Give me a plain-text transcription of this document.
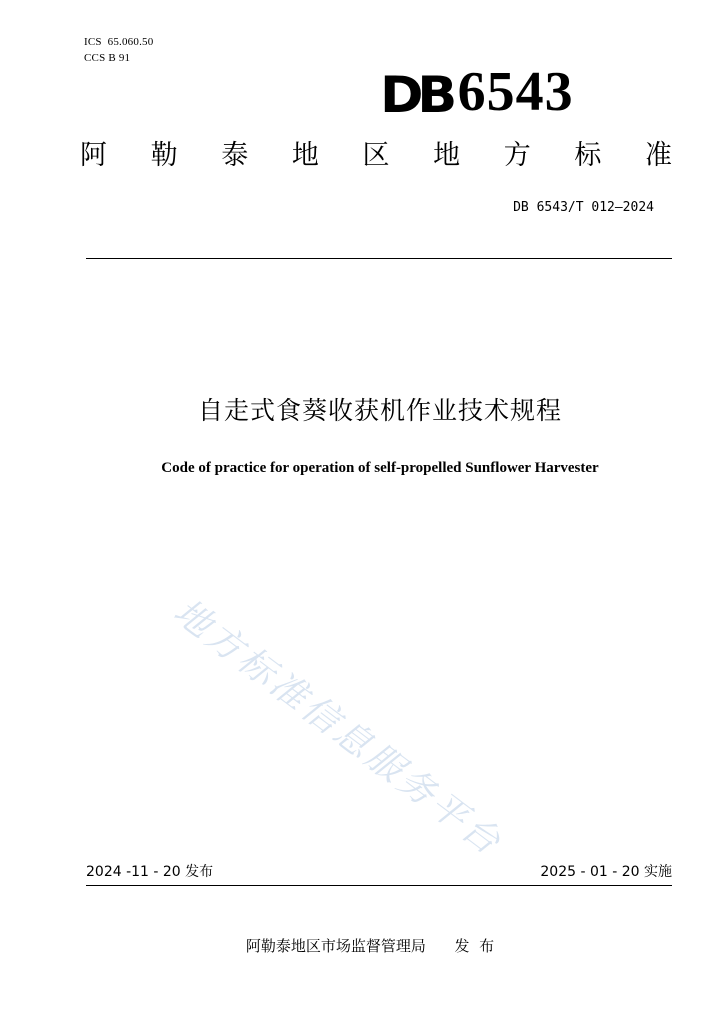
ICS  65.060.50
CCS B 91
DB 6543
阿 勒 泰 地 区 地 方 标 准
DB 6543/T 012—2024
自走式食葵收获机作业技术规程
Code of practice for operation of self-propelled Sunflower Harvester
地方标准信息服务平台
2024 -11 - 20 发布	2025 - 01 - 20 实施
阿勒泰地区市场监督管理局 发  布
